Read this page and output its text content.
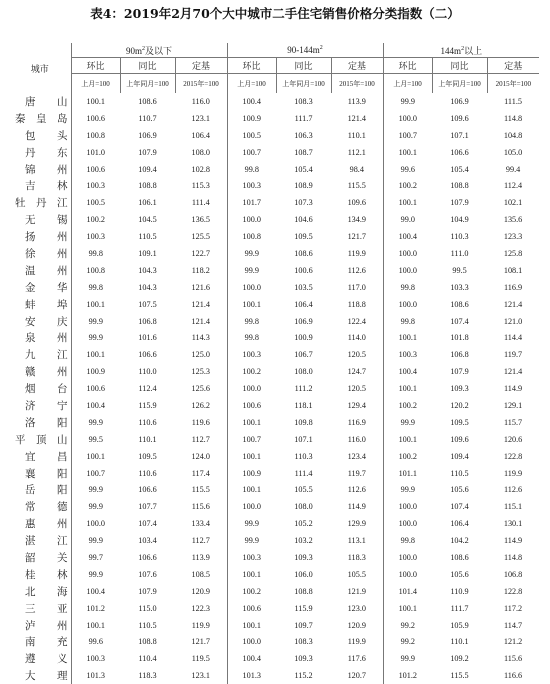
表4：2019年2月70个大中城市二手住宅销售价格分类指数（二）
城市	$90m^2$及以下			$90-144m^2$			$144m^2$以上		
	环比	同比	定基	环比	同比	定基	环比	同比	定基
	上月=100	上年同月=100	2015年=100	上月=100	上年同月=100	2015年=100	上月=100	上年同月=100	2015年=100
唐山	100.1	108.6	116.0	100.4	108.3	113.9	99.9	106.9	111.5
秦皇岛	100.6	110.7	123.1	100.9	111.7	121.4	100.0	109.6	114.8
包头	100.8	106.9	106.4	100.5	106.3	110.1	100.7	107.1	104.8
丹东	101.0	107.9	108.0	100.7	108.7	112.1	100.1	106.6	105.0
锦州	100.6	109.4	102.8	99.8	105.4	98.4	99.6	105.4	99.4
吉林	100.3	108.8	115.3	100.3	108.9	115.5	100.2	108.8	112.4
牡丹江	100.5	106.1	111.4	101.7	107.3	109.6	100.1	107.9	102.1
无锡	100.2	104.5	136.5	100.0	104.6	134.9	99.0	104.9	135.6
扬州	100.3	110.5	125.5	100.8	109.5	121.7	100.4	110.3	123.3
徐州	99.8	109.1	122.7	99.9	108.6	119.9	100.0	111.0	125.8
温州	100.8	104.3	118.2	99.9	100.6	112.6	100.0	99.5	108.1
金华	99.8	104.3	121.6	100.0	103.5	117.0	99.8	103.3	116.9
蚌埠	100.1	107.5	121.4	100.1	106.4	118.8	100.0	108.6	121.4
安庆	99.9	106.8	121.4	99.8	106.9	122.4	99.8	107.4	121.0
泉州	99.9	101.6	114.3	99.8	100.9	114.0	100.1	101.8	114.4
九江	100.1	106.6	125.0	100.3	106.7	120.5	100.3	106.8	119.7
赣州	100.9	110.0	125.3	100.2	108.0	124.7	100.4	107.9	121.4
烟台	100.6	112.4	125.6	100.0	111.2	120.5	100.1	109.3	114.9
济宁	100.4	115.9	126.2	100.6	118.1	129.4	100.2	120.2	129.1
洛阳	99.9	110.6	119.6	100.1	109.8	116.9	99.9	109.5	115.7
平顶山	99.5	110.1	112.7	100.7	107.1	116.0	100.1	109.6	120.6
宜昌	100.1	109.5	124.0	100.1	110.3	123.4	100.2	109.4	122.8
襄阳	100.7	110.6	117.4	100.9	111.4	119.7	101.1	110.5	119.9
岳阳	99.9	106.6	115.5	100.1	105.5	112.6	99.9	105.6	112.6
常德	99.9	107.7	115.6	100.0	108.0	114.9	100.0	107.4	115.1
惠州	100.0	107.4	133.4	99.9	105.2	129.9	100.0	106.4	130.1
湛江	99.9	103.4	112.7	99.9	103.2	113.1	99.8	104.2	114.9
韶关	99.7	106.6	113.9	100.3	109.3	118.3	100.0	108.6	114.8
桂林	99.9	107.6	108.5	100.1	106.0	105.5	100.0	105.6	106.8
北海	100.4	107.9	120.9	100.2	108.8	121.9	101.4	110.9	122.8
三亚	101.2	115.0	122.3	100.6	115.9	123.0	100.1	111.7	117.2
泸州	100.1	110.5	119.9	100.1	109.7	120.9	99.2	105.9	114.7
南充	99.6	108.8	121.7	100.0	108.3	119.9	99.2	110.1	121.2
遵义	100.3	110.4	119.5	100.4	109.3	117.6	99.9	109.2	115.6
大理	101.3	118.3	123.1	101.3	115.2	120.7	101.2	115.5	116.6
